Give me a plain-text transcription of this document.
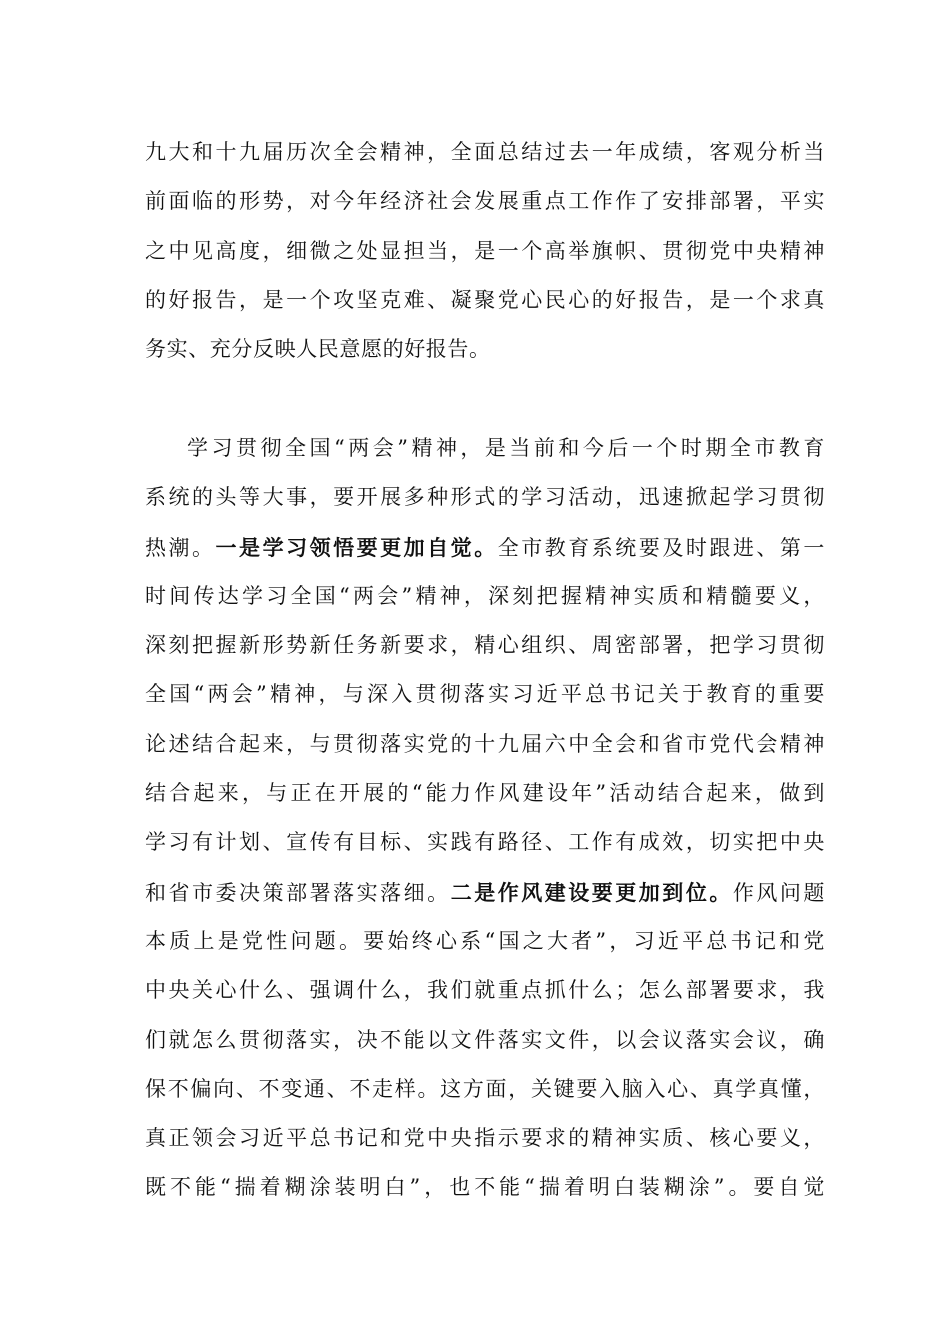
九大和十九届历次全会精神，全面总结过去一年成绩，客观分析当
前面临的形势，对今年经济社会发展重点工作作了安排部署，平实
之中见高度，细微之处显担当，是一个高举旗帜、贯彻党中央精神
的好报告，是一个攻坚克难、凝聚党心民心的好报告，是一个求真
务实、充分反映人民意愿的好报告。
学习贯彻全国“两会”精神，是当前和今后一个时期全市教育
系统的头等大事，要开展多种形式的学习活动，迅速掀起学习贯彻
热潮。一是学习领悟要更加自觉。全市教育系统要及时跟进、第一
时间传达学习全国“两会”精神，深刻把握精神实质和精髓要义，
深刻把握新形势新任务新要求，精心组织、周密部署，把学习贯彻
全国“两会”精神，与深入贯彻落实习近平总书记关于教育的重要
论述结合起来，与贯彻落实党的十九届六中全会和省市党代会精神
结合起来，与正在开展的“能力作风建设年”活动结合起来，做到
学习有计划、宣传有目标、实践有路径、工作有成效，切实把中央
和省市委决策部署落实落细。二是作风建设要更加到位。作风问题
本质上是党性问题。要始终心系“国之大者”，习近平总书记和党
中央关心什么、强调什么，我们就重点抓什么；怎么部署要求，我
们就怎么贯彻落实，决不能以文件落实文件，以会议落实会议，确
保不偏向、不变通、不走样。这方面，关键要入脑入心、真学真懂，
真正领会习近平总书记和党中央指示要求的精神实质、核心要义，
既不能“揣着糊涂装明白”，也不能“揣着明白装糊涂”。要自觉
